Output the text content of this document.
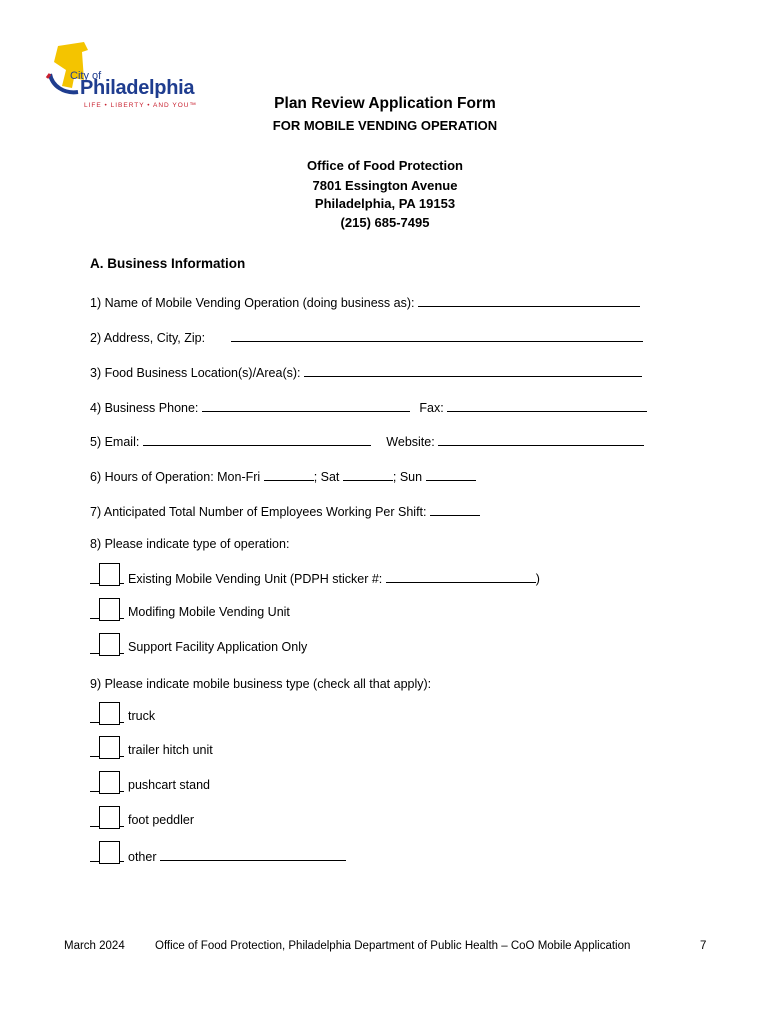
City of
Philadelphia
LIFE • LIBERTY • AND YOU™	Plan Review Application Form
FOR MOBILE VENDING OPERATION
Office of Food Protection
7801 Essington Avenue
Philadelphia, PA 19153
(215) 685-7495
A. Business Information
1) Name of Mobile Vending Operation (doing business as):
2) Address, City, Zip:
3) Food Business Location(s)/Area(s):
4) Business Phone:	Fax:
5) Email:	Website:
6) Hours of Operation: Mon-Fri	; Sat	; Sun
7) Anticipated Total Number of Employees Working Per Shift:
8) Please indicate type of operation:
Existing Mobile Vending Unit (PDPH sticker #:	)
Modifing Mobile Vending Unit
Support Facility Application Only
9) Please indicate mobile business type (check all that apply):
truck
trailer hitch unit
pushcart stand
foot peddler
other
March 2024	Office of Food Protection, Philadelphia Department of Public Health – CoO Mobile Application	7
